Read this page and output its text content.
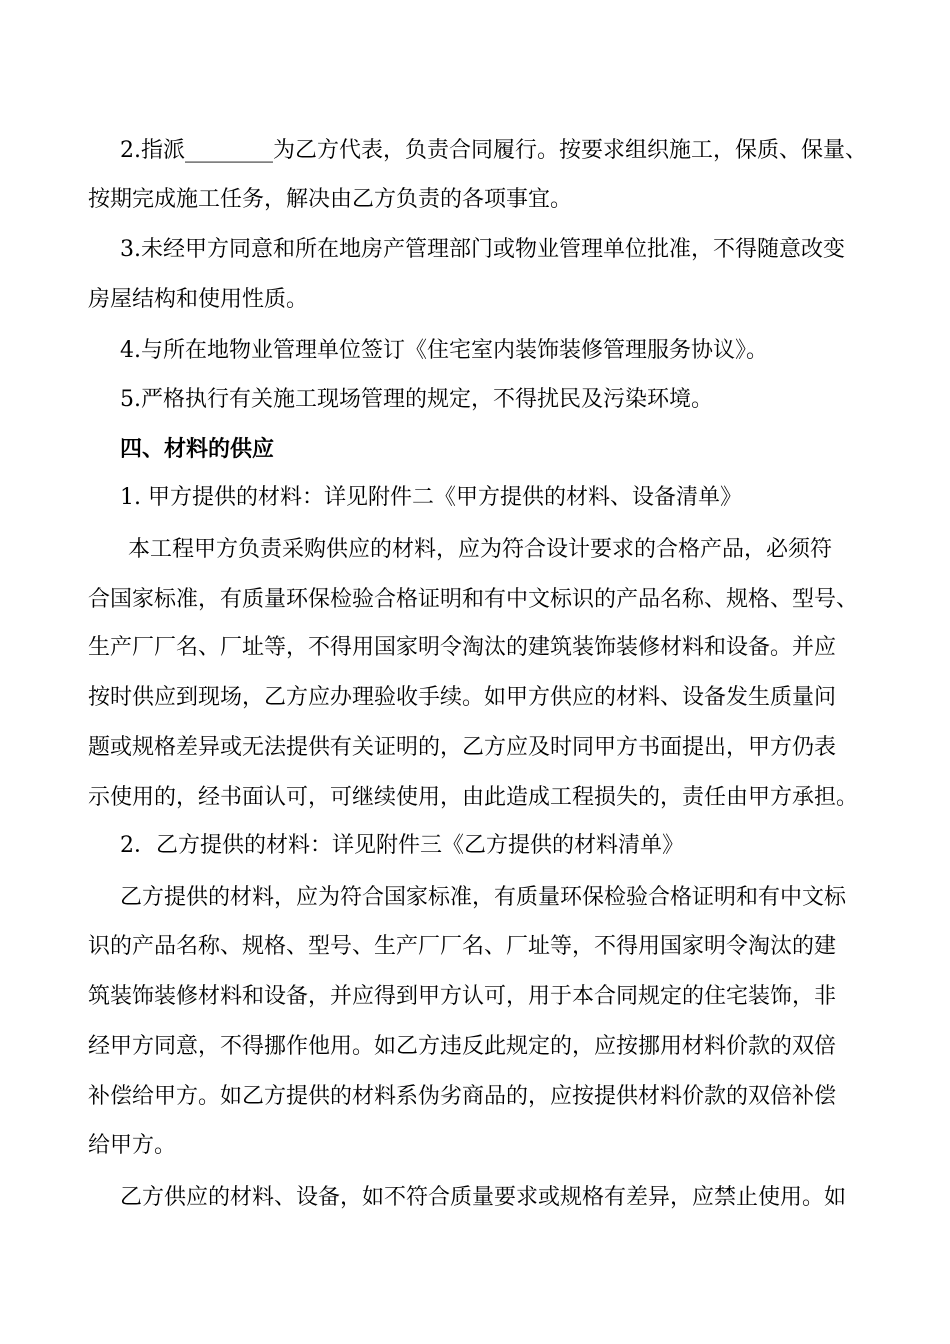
2.指派________为乙方代表，负责合同履行。按要求组织施工，保质、保量、
按期完成施工任务，解决由乙方负责的各项事宜。
3.未经甲方同意和所在地房产管理部门或物业管理单位批准，不得随意改变
房屋结构和使用性质。
4.与所在地物业管理单位签订《住宅室内装饰装修管理服务协议》。
5.严格执行有关施工现场管理的规定，不得扰民及污染环境。
四、材料的供应
1. 甲方提供的材料：详见附件二《甲方提供的材料、设备清单》
本工程甲方负责采购供应的材料，应为符合设计要求的合格产品，必须符
合国家标准，有质量环保检验合格证明和有中文标识的产品名称、规格、型号、
生产厂厂名、厂址等，不得用国家明令淘汰的建筑装饰装修材料和设备。并应
按时供应到现场，乙方应办理验收手续。如甲方供应的材料、设备发生质量问
题或规格差异或无法提供有关证明的，乙方应及时同甲方书面提出，甲方仍表
示使用的，经书面认可，可继续使用，由此造成工程损失的，责任由甲方承担。
2．乙方提供的材料：详见附件三《乙方提供的材料清单》
乙方提供的材料，应为符合国家标准，有质量环保检验合格证明和有中文标
识的产品名称、规格、型号、生产厂厂名、厂址等，不得用国家明令淘汰的建
筑装饰装修材料和设备，并应得到甲方认可，用于本合同规定的住宅装饰，非
经甲方同意，不得挪作他用。如乙方违反此规定的，应按挪用材料价款的双倍
补偿给甲方。如乙方提供的材料系伪劣商品的，应按提供材料价款的双倍补偿
给甲方。
乙方供应的材料、设备，如不符合质量要求或规格有差异，应禁止使用。如
